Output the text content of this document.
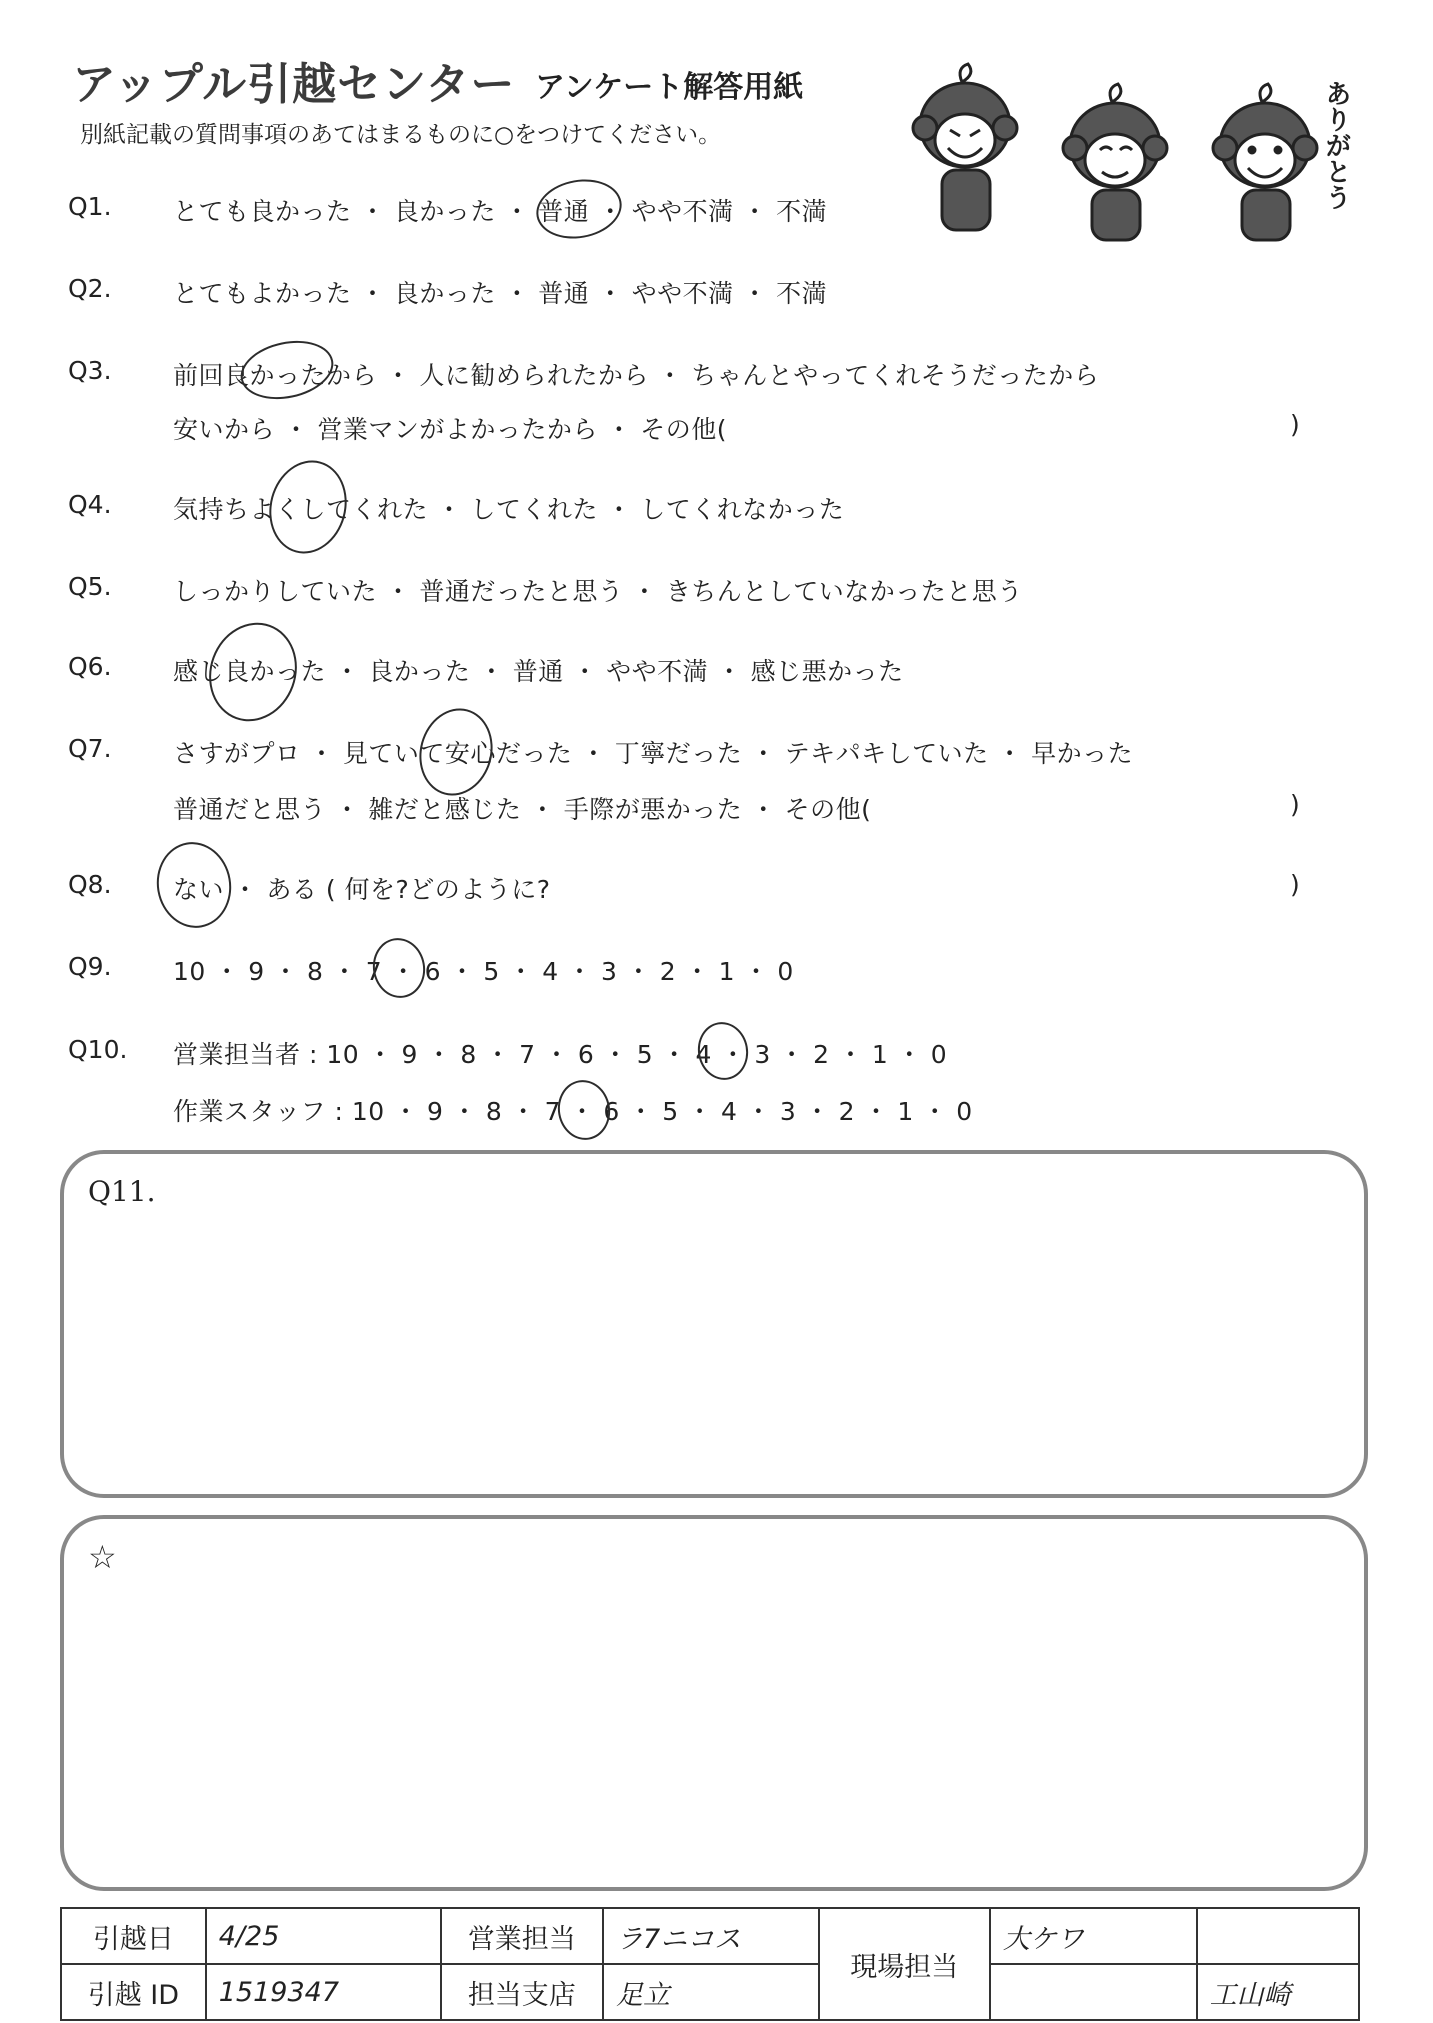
アップル引越センター アンケート解答用紙
別紙記載の質問事項のあてはまるものに○をつけてください。	ありがとう
Q1. とても良かった ・ 良かった ・ 普通 ・ やや不満 ・ 不満
Q2. とてもよかった ・ 良かった ・ 普通 ・ やや不満 ・ 不満
Q3. 前回良かったから ・ 人に勧められたから ・ ちゃんとやってくれそうだったから
安いから ・ 営業マンがよかったから ・ その他(	)
Q4. 気持ちよくしてくれた ・ してくれた ・ してくれなかった
Q5. しっかりしていた ・ 普通だったと思う ・ きちんとしていなかったと思う
Q6. 感じ良かった ・ 良かった ・ 普通 ・ やや不満 ・ 感じ悪かった
Q7. さすがプロ ・ 見ていて安心だった ・ 丁寧だった ・ テキパキしていた ・ 早かった
普通だと思う ・ 雑だと感じた ・ 手際が悪かった ・ その他(	)
Q8. ない ・ ある ( 何を?どのように?	)
Q9. 10 ・ 9 ・ 8 ・ 7 ・ 6 ・ 5 ・ 4 ・ 3 ・ 2 ・ 1 ・ 0
Q10. 営業担当者 : 10 ・ 9 ・ 8 ・ 7 ・ 6 ・ 5 ・ 4 ・ 3 ・ 2 ・ 1 ・ 0
作業スタッフ : 10 ・ 9 ・ 8 ・ 7 ・ 6 ・ 5 ・ 4 ・ 3 ・ 2 ・ 1 ・ 0
Q11.
☆
引越日	4/25	営業担当	ラ7ニコス	現場担当	大ケワ	
引越 ID	1519347	担当支店	足立			工山崎
